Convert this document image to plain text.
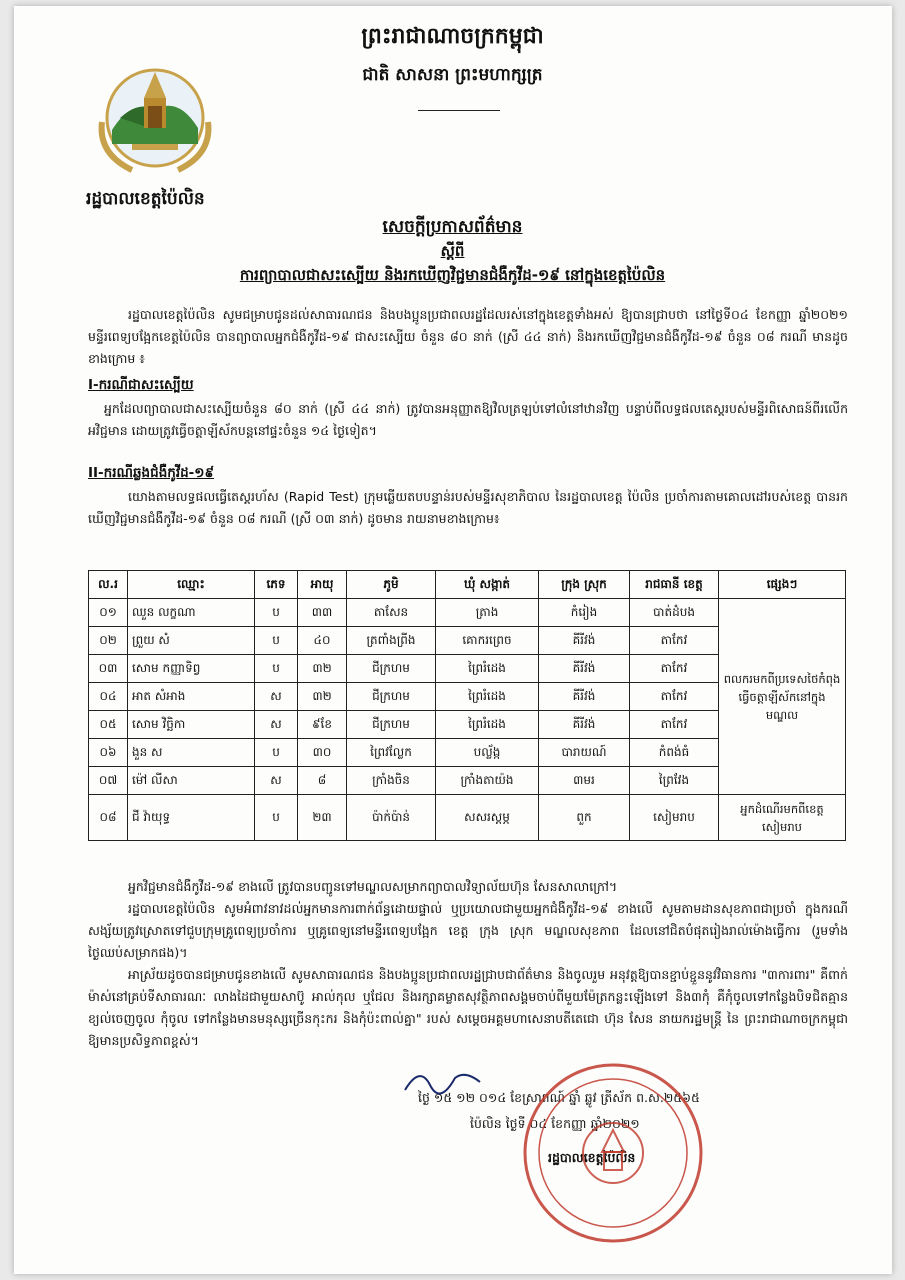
ព្រះរាជាណាចក្រកម្ពុជា
ជាតិ សាសនា ព្រះមហាក្សត្រ
រដ្ឋបាលខេត្តប៉ៃលិន
សេចក្តីប្រកាសព័ត៌មាន
ស្តីពី
ការព្យាបាលជាសះស្បើយ និងរកឃើញវិជ្ជមានជំងឺកូវីដ-១៩ នៅក្នុងខេត្តប៉ៃលិន
រដ្ឋបាលខេត្តប៉ៃលិន សូមជម្រាបជូនដល់សាធារណជន និងបងប្អូនប្រជាពលរដ្ឋដែលរស់នៅក្នុងខេត្តទាំងអស់ ឱ្យបានជ្រាបថា នៅថ្ងៃទី០៤ ខែកញ្ញា ឆ្នាំ២០២១ មន្ទីរពេទ្យបង្អែកខេត្តប៉ៃលិន បានព្យាបាលអ្នកជំងឺកូវីដ-១៩ ជាសះស្បើយ ចំនួន ៨០ នាក់ (ស្រី ៤៤ នាក់) និងរកឃើញវិជ្ជមានជំងឺកូវីដ-១៩ ចំនួន ០៨ ករណី មានដូចខាងក្រោម ៖
I-ករណីជាសះស្បើយ
អ្នកដែលព្យាបាលជាសះស្បើយចំនួន ៨០ នាក់ (ស្រី ៤៤ នាក់) ត្រូវបានអនុញ្ញាតឱ្យវិលត្រឡប់ទៅលំនៅឋានវិញ បន្ទាប់ពីលទ្ធផលតេស្តរបស់មន្ទីរពិសោធន៍ពីរលើក អវិជ្ជមាន ដោយត្រូវធ្វើចត្តាឡីស័កបន្តនៅផ្ទះចំនួន ១៤ ថ្ងៃទៀត។
II-ករណីឆ្លងជំងឺកូវីដ-១៩
យោងតាមលទ្ធផលធ្វើតេស្តរហ័ស (Rapid Test) ក្រុមឆ្លើយតបបន្ទាន់របស់មន្ទីរសុខាភិបាល នៃរដ្ឋបាលខេត្ត ប៉ៃលិន ប្រចាំការតាមគោលដៅរបស់ខេត្ត បានរកឃើញវិជ្ជមានជំងឺកូវីដ-១៩ ចំនួន ០៨ ករណី (ស្រី ០៣ នាក់) ដូចមាន រាយនាមខាងក្រោម៖
ល.រ	ឈ្មោះ	ភេទ	អាយុ	ភូមិ	ឃុំ សង្កាត់	ក្រុង ស្រុក	រាជធានី ខេត្ត	ផ្សេងៗ
០១	ឈួន លក្ខណា	ប	៣៣	តាសែន	ត្រាង	កំរៀង	បាត់ដំបង	ពលករមកពីប្រទេសថៃកំពុងធ្វើចត្តាឡីស័កនៅក្នុងមណ្ឌល
០២	ព្រួយ សំ	ប	៤០	ត្រពាំងព្រីង	គោករព្រេច	គីរីវង់	តាកែវ	
០៣	សោម កញ្ញាទិព្វ	ប	៣២	ជីក្រហម	ព្រៃរំដេង	គីរីវង់	តាកែវ	
០៤	អាត សំអាង	ស	៣២	ជីក្រហម	ព្រៃរំដេង	គីរីវង់	តាកែវ	
០៥	សោម វិច្ឆិកា	ស	៩ខែ	ជីក្រហម	ព្រៃរំដេង	គីរីវង់	តាកែវ	
០៦	ងួន ស	ប	៣០	ព្រៃវល្លែក	បល្ល័ង្ក	បារាយណ៍	កំពង់ធំ	
០៧	ម៉ៅ លីសា	ស	៨	ក្រាំងចិន	ក្រាំងតាយ៉ង	៣មរ	ព្រៃវែង	
០៨	ជី វ៉ាយុទ្ធ	ប	២៣	ប៉ាក់ប៉ាន់	សសរស្តម្ភ	ពួក	សៀមរាប	អ្នកដំណើរមកពីខេត្តសៀមរាប
អ្នកវិជ្ជមានជំងឺកូវីដ-១៩ ខាងលើ ត្រូវបានបញ្ជូនទៅមណ្ឌលសម្រាកព្យាបាលវិទ្យាល័យហ៊ុន សែនសាលាក្រៅ។
រដ្ឋបាលខេត្តប៉ៃលិន សូមអំពាវនាវដល់អ្នកមានការពាក់ព័ន្ធដោយផ្ទាល់ ឬប្រយោលជាមួយអ្នកជំងឺកូវីដ-១៩ ខាងលើ សូមតាមដានសុខភាពជាប្រចាំ ក្នុងករណីសង្ស័យត្រូវស្រោតទៅជួបក្រុមគ្រូពេទ្យប្រចាំការ ឬគ្រូពេទ្យនៅមន្ទីរពេទ្យបង្អែក ខេត្ត ក្រុង ស្រុក មណ្ឌលសុខភាព ដែលនៅជិតបំផុតរៀងរាល់ម៉ោងធ្វើការ (រួមទាំងថ្ងៃឈប់សម្រាកផង)។
អាស្រ័យដូចបានជម្រាបជូនខាងលើ សូមសាធារណជន និងបងប្អូនប្រជាពលរដ្ឋជ្រាបជាព័ត៌មាន និងចូលរួម អនុវត្តឱ្យបានខ្ជាប់ខ្ជួននូវវិធានការ "៣ការពារ" គឺពាក់ម៉ាស់នៅគ្រប់ទីសាធារណៈ លាងដៃជាមួយសាប៊ូ អាល់កុល ឬជែល និងរក្សាគម្លាតសុវត្ថិភាពសង្គមចាប់ពីមួយម៉ែត្រកន្លះឡើងទៅ និង៣កុំ គឺកុំចូលទៅកន្លែងបិទជិតគ្មានខ្យល់ចេញចូល កុំចូល ទៅកន្លែងមានមនុស្សច្រើនកុះករ និងកុំប៉ះពាល់គ្នា" របស់ សម្តេចអគ្គមហាសេនាបតីតេជោ ហ៊ុន សែន នាយករដ្ឋមន្ត្រី នៃ ព្រះរាជាណាចក្រកម្ពុជា ឱ្យមានប្រសិទ្ធភាពខ្ពស់។
ថ្ងៃ ១៥ ១២ ០១៤ ខែស្រាពណ៍ ឆ្នាំ ឆ្លូវ ត្រីស័ក ព.ស.២៥៦៥
ប៉ៃលិន ថ្ងៃទី ០៤ ខែកញ្ញា ឆ្នាំ២០២១
រដ្ឋបាលខេត្តប៉ៃលិន
